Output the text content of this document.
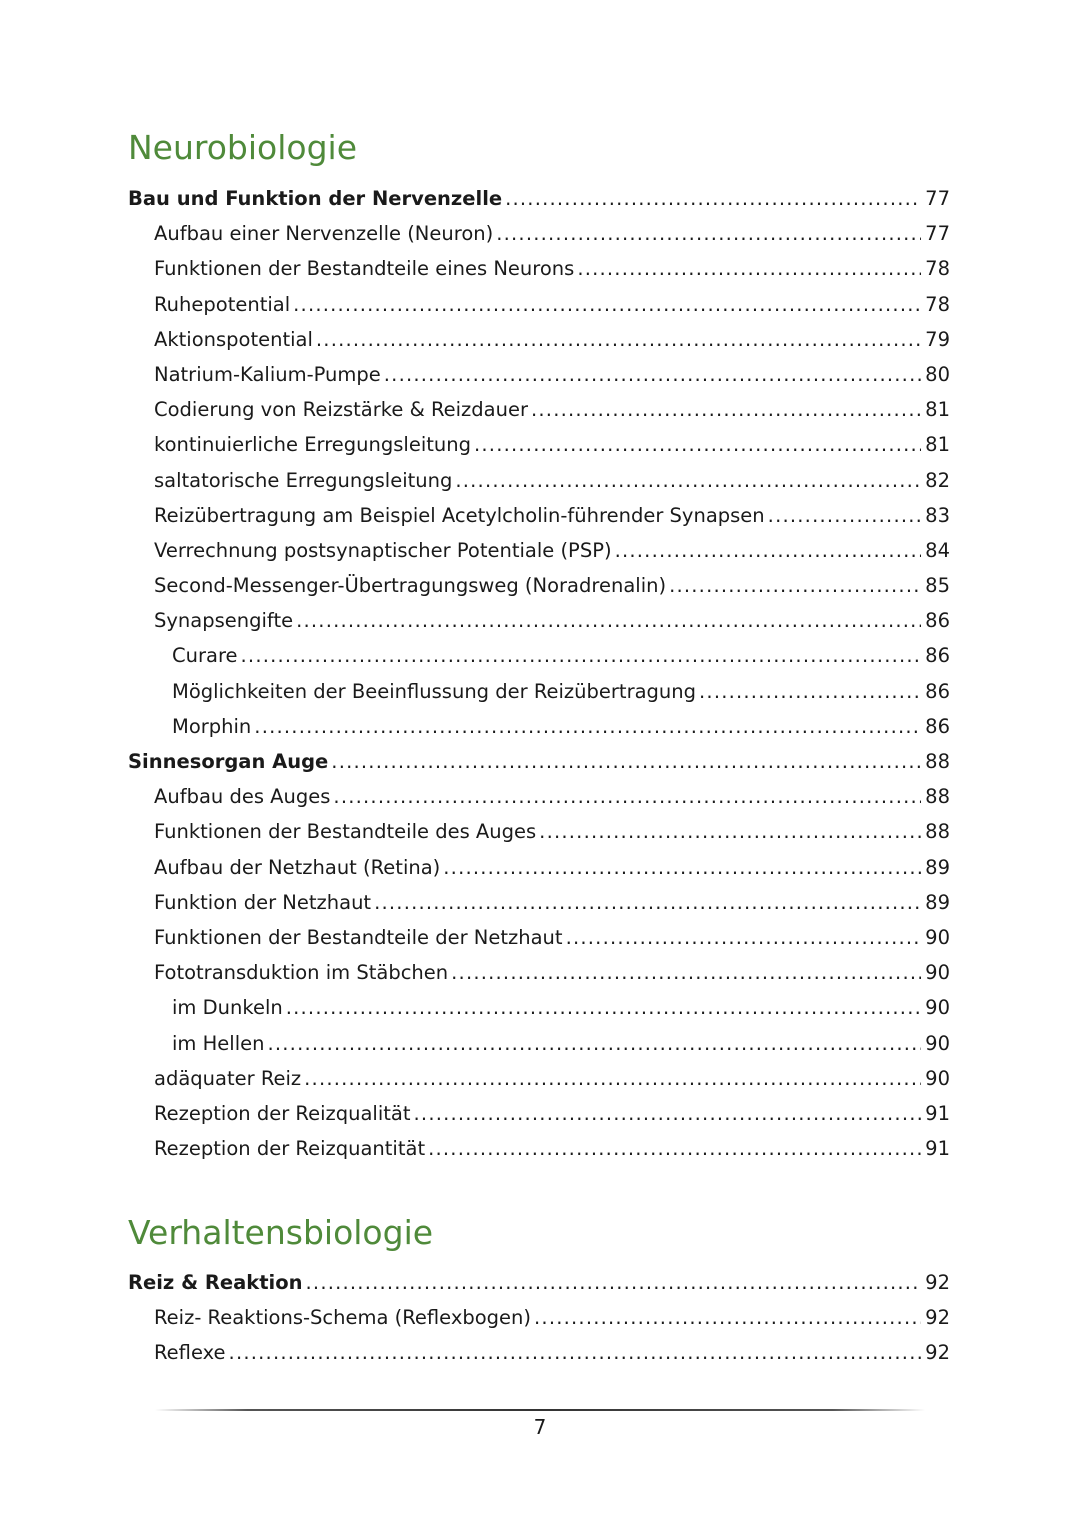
Neurobiologie
Bau und Funktion der Nervenzelle .....	77
Aufbau einer Nervenzelle (Neuron) .....	77
Funktionen der Bestandteile eines Neurons .....	78
Ruhepotential .....	78
Aktionspotential .....	79
Natrium-Kalium-Pumpe .....	80
Codierung von Reizstärke & Reizdauer .....	81
kontinuierliche Erregungsleitung .....	81
saltatorische Erregungsleitung .....	82
Reizübertragung am Beispiel Acetylcholin-führender Synapsen .....	83
Verrechnung postsynaptischer Potentiale (PSP) .....	84
Second-Messenger-Übertragungsweg (Noradrenalin) .....	85
Synapsengifte .....	86
Curare .....	86
Möglichkeiten der Beeinflussung der Reizübertragung .....	86
Morphin .....	86
Sinnesorgan Auge .....	88
Aufbau des Auges .....	88
Funktionen der Bestandteile des Auges .....	88
Aufbau der Netzhaut (Retina) .....	89
Funktion der Netzhaut .....	89
Funktionen der Bestandteile der Netzhaut .....	90
Fototransduktion im Stäbchen .....	90
im Dunkeln .....	90
im Hellen .....	90
adäquater Reiz .....	90
Rezeption der Reizqualität .....	91
Rezeption der Reizquantität .....	91
Verhaltensbiologie
Reiz & Reaktion .....	92
Reiz- Reaktions-Schema (Reflexbogen) .....	92
Reflexe .....	92
7
